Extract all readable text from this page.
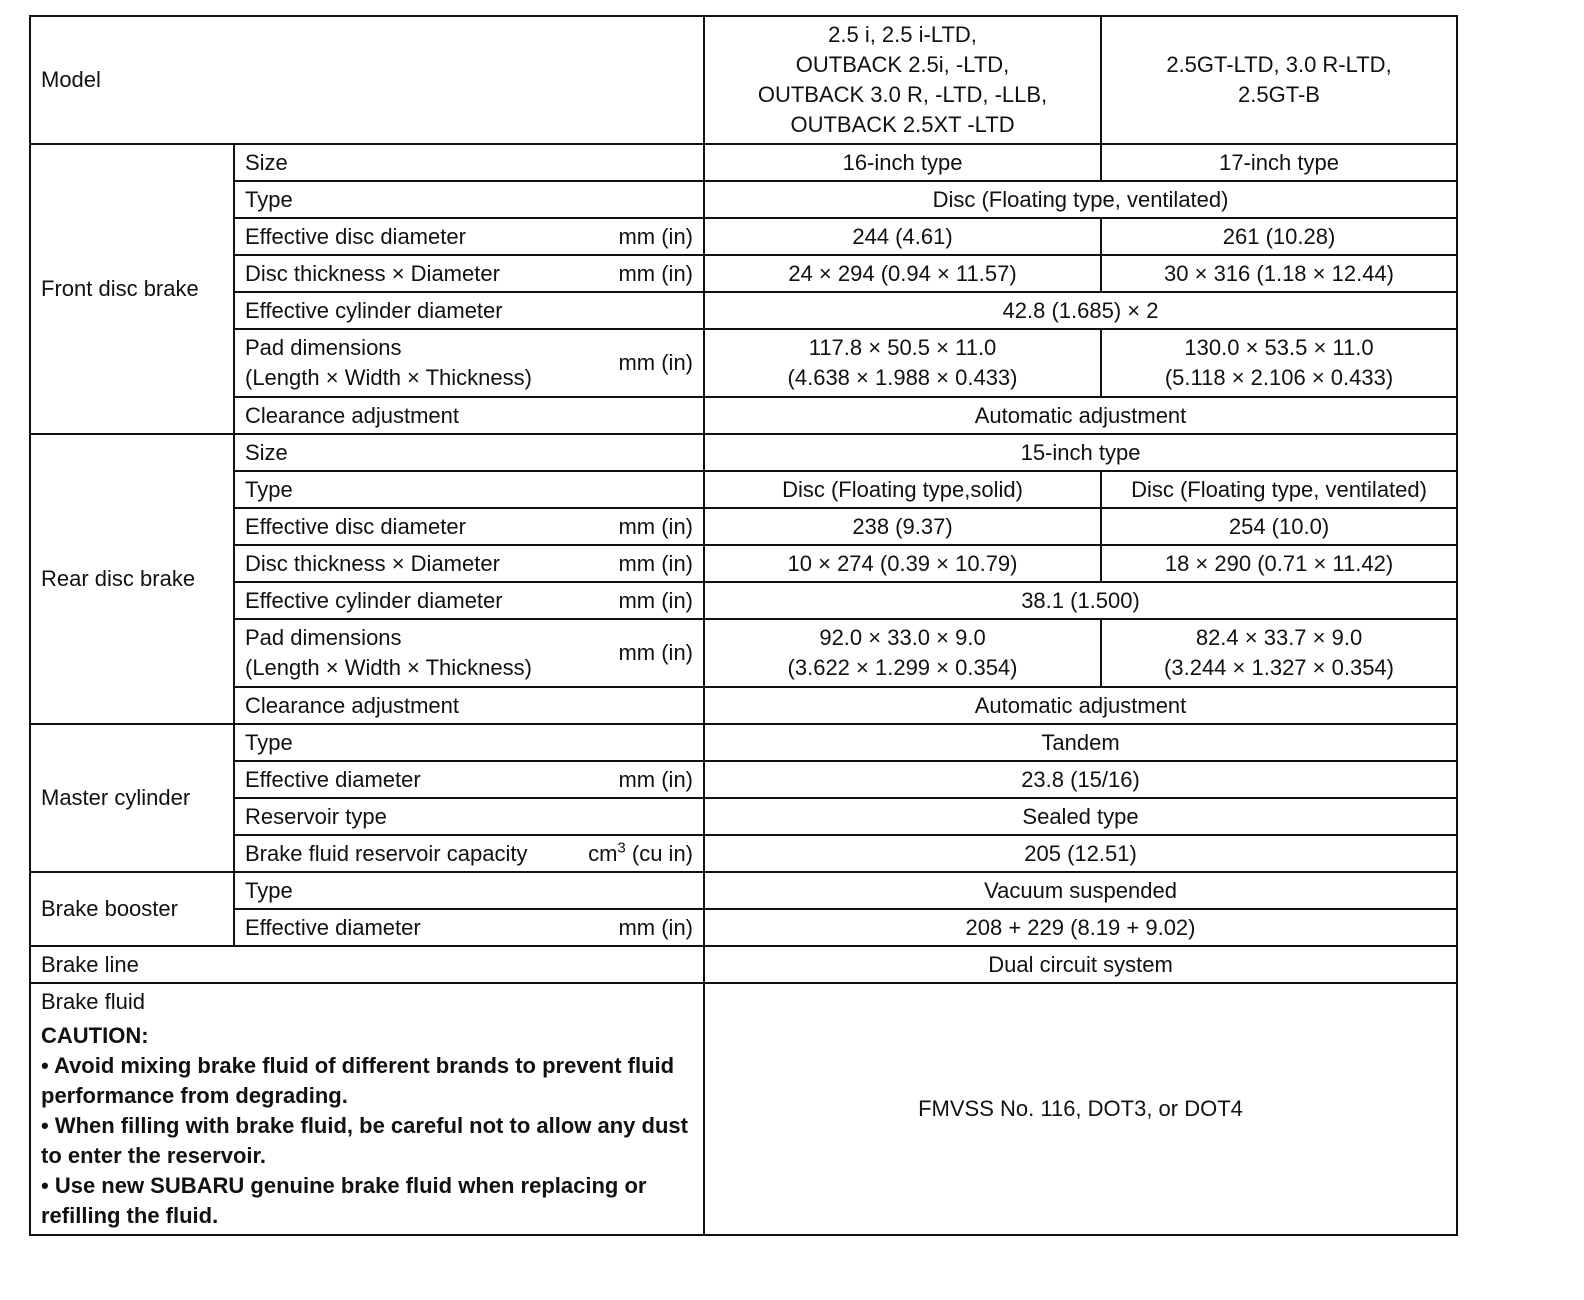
Model		2.5 i, 2.5 i-LTD,
OUTBACK 2.5i, -LTD,
OUTBACK 3.0 R, -LTD, -LLB,
OUTBACK 2.5XT -LTD	2.5GT-LTD, 3.0 R-LTD,
2.5GT-B

Front disc brake	Size	16-inch type	17-inch type
	Type	Disc (Floating type, ventilated)	

	Effective disc diameter mm (in)	244 (4.61)	261 (10.28)

	Disc thickness × Diameter mm (in)	24 × 294 (0.94 × 11.57)	30 × 316 (1.18 × 12.44)
	Effective cylinder diameter	42.8 (1.685) × 2	

	Pad dimensions
(Length × Width × Thickness)
mm (in)	117.8 × 50.5 × 11.0
(4.638 × 1.988 × 0.433)	130.0 × 53.5 × 11.0
(5.118 × 2.106 × 0.433)

	Clearance adjustment	Automatic adjustment	
Rear disc brake	Size	15-inch type	
	Type	Disc (Floating type,solid)	Disc (Floating type, ventilated)

	Effective disc diameter mm (in)	238 (9.37)	254 (10.0)

	Disc thickness × Diameter mm (in)	10 × 274 (0.39 × 10.79)	18 × 290 (0.71 × 11.42)

	Effective cylinder diameter mm (in)	38.1 (1.500)	

	Pad dimensions
(Length × Width × Thickness)
mm (in)	92.0 × 33.0 × 9.0
(3.622 × 1.299 × 0.354)	82.4 × 33.7 × 9.0
(3.244 × 1.327 × 0.354)

	Clearance adjustment	Automatic adjustment	
Master cylinder	Type	Tandem	

	Effective diameter mm (in)	23.8 (15/16)	
	Reservoir type	Sealed type	

	Brake fluid reservoir capacity $cm^3$ (cu in)	205 (12.51)	
Brake booster	Type	Vacuum suspended	

	Effective diameter mm (in)	208 + 229 (8.19 + 9.02)	
Brake line		Dual circuit system	

Brake fluid
CAUTION:
• Avoid mixing brake fluid of different brands to prevent fluid performance from degrading.
• When filling with brake fluid, be careful not to allow any dust to enter the reservoir.
• Use new SUBARU genuine brake fluid when replacing or refilling the fluid.		FMVSS No. 116, DOT3, or DOT4	
